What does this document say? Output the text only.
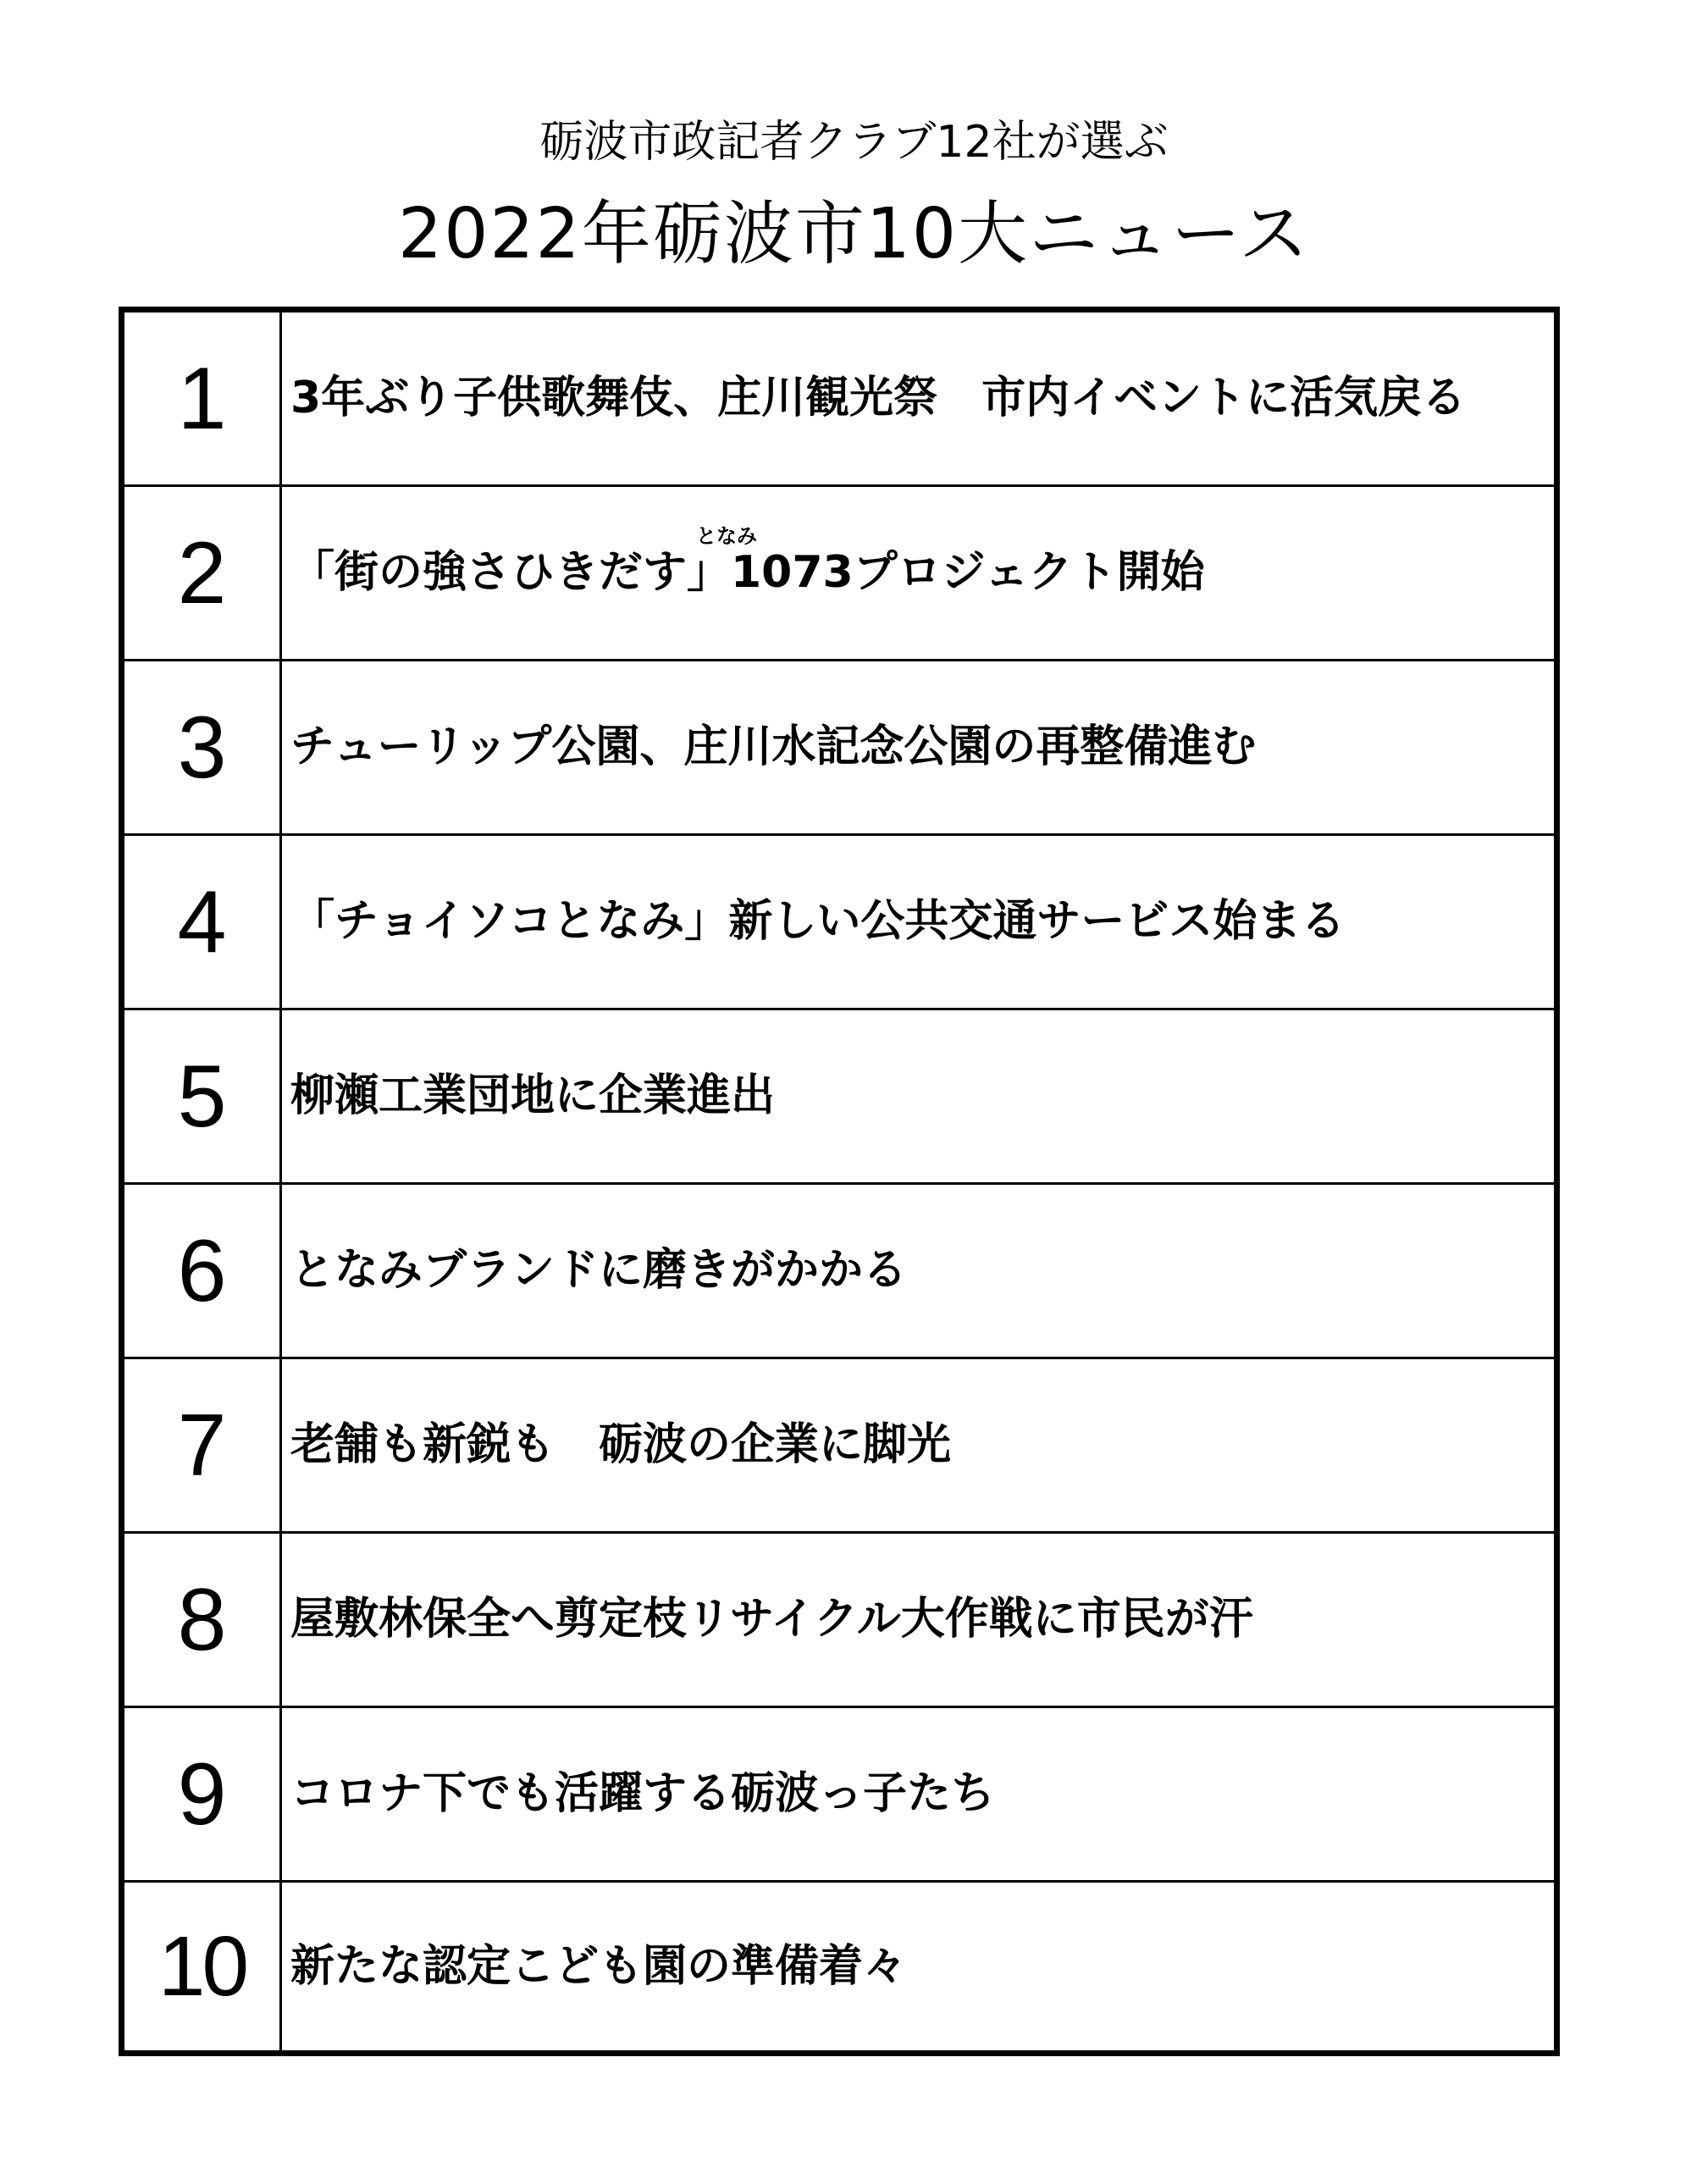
砺波市政記者クラブ12社が選ぶ
2022年砺波市10大ニュース
1	3年ぶり子供歌舞伎、庄川観光祭　市内イベントに活気戻る
2	「街の強さひきだす」1073プロジェクト開始
3	チューリップ公園、庄川水記念公園の再整備進む
4	「チョイソコとなみ」新しい公共交通サービス始まる
5	柳瀬工業団地に企業進出
6	となみブランドに磨きがかかる
7	老舗も新鋭も　砺波の企業に脚光
8	屋敷林保全へ剪定枝リサイクル大作戦に市民が汗
9	コロナ下でも活躍する砺波っ子たち
10	新たな認定こども園の準備着々
となみ
